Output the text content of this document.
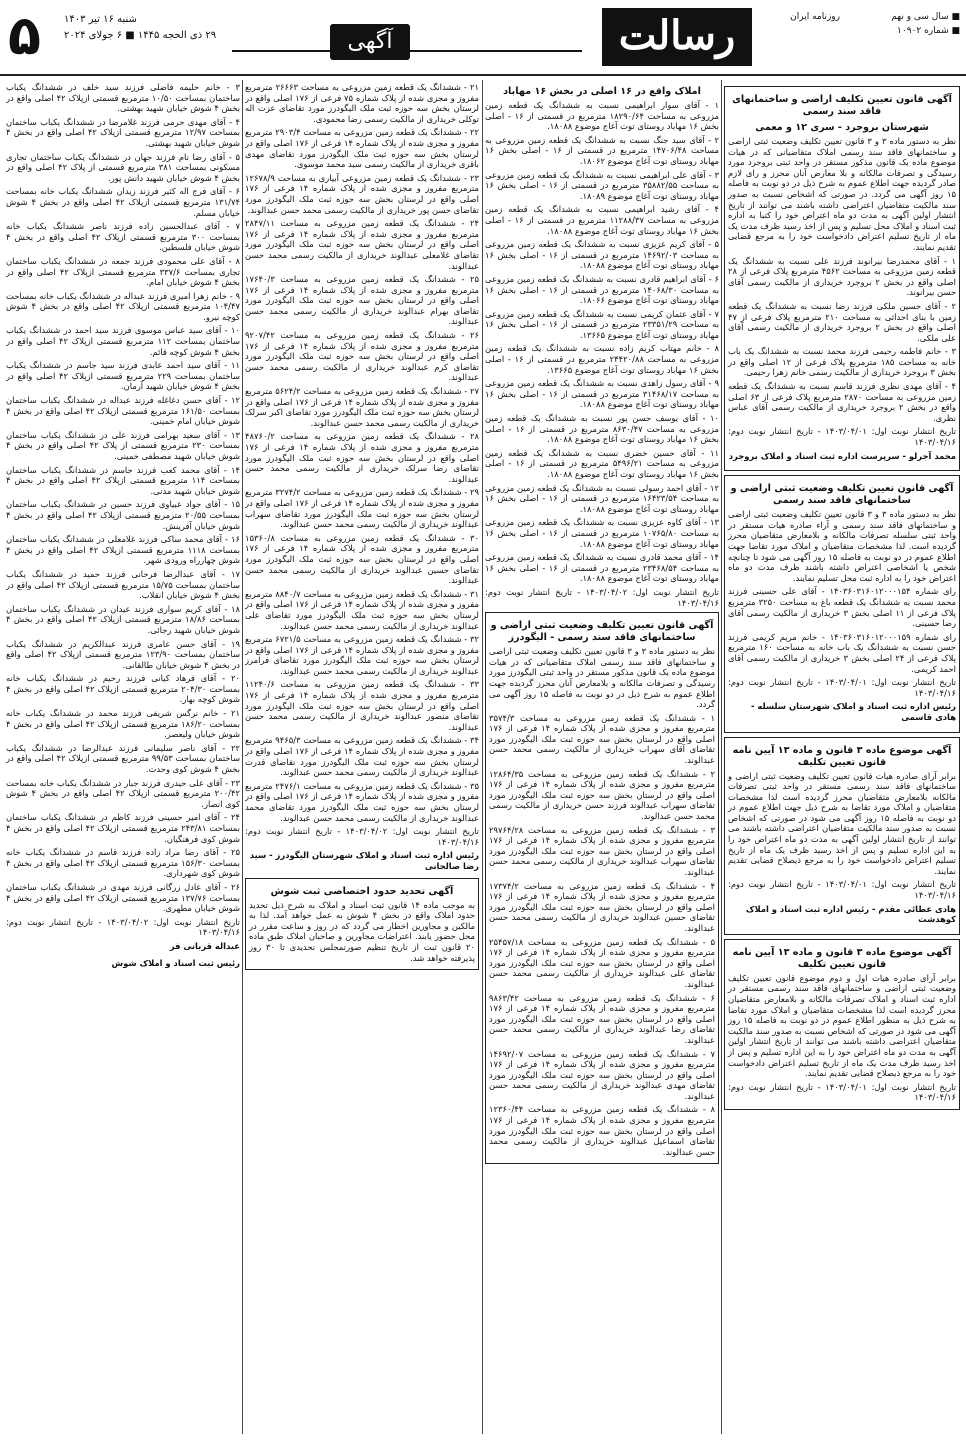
۵ شنبه ۱۶ تیر ۱۴۰۳
۲۹ ذی الحجه ۱۴۴۵ ■ ۶ جولای ۲۰۲۴	آگهی	رسالت	روزنامه ایران	■ سال سی و نهم
■ شماره ۱۰۹۰۲

آگهی قانون تعیین تکلیف اراضی و ساختمانهای فاقد سند رسمی

شهرستان بروجرد - سری ۱۲ و معمی

نظر به دستور ماده ۳ و ۳ قانون تعیین تکلیف وضعیت ثبتی اراضی و ساختمانهای فاقد سند رسمی املاک متقاضیانی که در هیات موضوع ماده یک قانون مذکور مستقر در واحد ثبتی بروجرد مورد رسیدگی و تصرفات مالکانه و بلا معارض آنان محرز و رای لازم صادر گردیده جهت اطلاع عموم به شرح ذیل در دو نوبت به فاصله ۱۵ روز آگهی می گردد. در صورتی که اشخاص نسبت به صدور سند مالکیت متقاضیان اعتراضی داشته باشند می توانند از تاریخ انتشار اولین آگهی به مدت دو ماه اعتراض خود را کتبا به اداره ثبت اسناد و املاک محل تسلیم و پس از اخذ رسید ظرف مدت یک ماه از تاریخ تسلیم اعتراض دادخواست خود را به مرجع قضایی تقدیم نمایند.

۱ - آقای محمدرضا بیرانوند فرزند علی نسبت به ششدانگ یک قطعه زمین مزروعی به مساحت ۴۵۶۲ مترمربع پلاک فرعی از ۲۸ اصلی واقع در بخش ۲ بروجرد خریداری از مالکیت رسمی آقای حسن بیرانوند.

۲ - آقای حسین ملکی فرزند رضا نسبت به ششدانگ یک قطعه زمین با بنای احداثی به مساحت ۲۱۰ مترمربع پلاک فرعی از ۴۷ اصلی واقع در بخش ۲ بروجرد خریداری از مالکیت رسمی آقای علی ملکی.

۳ - خانم فاطمه رحیمی فرزند محمد نسبت به ششدانگ یک باب خانه به مساحت ۱۸۵ مترمربع پلاک فرعی از ۱۲ اصلی واقع در بخش ۳ بروجرد خریداری از مالکیت رسمی خانم زهرا رحیمی.

۴ - آقای مهدی نظری فرزند قاسم نسبت به ششدانگ یک قطعه زمین مزروعی به مساحت ۲۸۷۰ مترمربع پلاک فرعی از ۶۳ اصلی واقع در بخش ۲ بروجرد خریداری از مالکیت رسمی آقای عباس نظری.

تاریخ انتشار نوبت اول: ۱۴۰۳/۰۴/۰۱ - تاریخ انتشار نوبت دوم: ۱۴۰۳/۰۴/۱۶

محمد آجرلو - سرپرست اداره ثبت اسناد و املاک بروجرد

آگهی قانون تعیین تکلیف وضعیت ثبتی اراضی و ساختمانهای فاقد سند رسمی

نظر به دستور ماده ۳ و ۳ قانون تعیین تکلیف وضعیت ثبتی اراضی و ساختمانهای فاقد سند رسمی و آراء صادره هیات مستقر در واحد ثبتی سلسله تصرفات مالکانه و بلامعارض متقاضیان محرز گردیده است. لذا مشخصات متقاضیان و املاک مورد تقاضا جهت اطلاع عموم در دو نوبت به فاصله ۱۵ روز آگهی می شود تا چنانچه شخص یا اشخاصی اعتراض داشته باشند ظرف مدت دو ماه اعتراض خود را به اداره ثبت محل تسلیم نمایند.

رای شماره ۱۴۰۳۶۰۳۱۶۰۱۲۰۰۰۱۵۴ - آقای علی حسینی فرزند محمد نسبت به ششدانگ یک قطعه باغ به مساحت ۳۲۵۰ مترمربع پلاک فرعی از ۱۱ اصلی بخش ۳ خریداری از مالکیت رسمی آقای رضا حسینی.

رای شماره ۱۴۰۳۶۰۳۱۶۰۱۲۰۰۰۱۵۹ - خانم مریم کریمی فرزند حسن نسبت به ششدانگ یک باب خانه به مساحت ۱۶۰ مترمربع پلاک فرعی از ۲۴ اصلی بخش ۳ خریداری از مالکیت رسمی آقای احمد کریمی.

تاریخ انتشار نوبت اول: ۱۴۰۳/۰۴/۰۱ - تاریخ انتشار نوبت دوم: ۱۴۰۳/۰۴/۱۶

رئیس اداره ثبت اسناد و املاک شهرستان سلسله - هادی قاسمی

آگهی موضوع ماده ۳ قانون و ماده ۱۳ آیین نامه قانون تعیین تکلیف

برابر آرای صادره هیات قانون تعیین تکلیف وضعیت ثبتی اراضی و ساختمانهای فاقد سند رسمی مستقر در واحد ثبتی تصرفات مالکانه بلامعارض متقاضیان محرز گردیده است لذا مشخصات متقاضیان و املاک مورد تقاضا به شرح ذیل جهت اطلاع عموم در دو نوبت به فاصله ۱۵ روز آگهی می شود در صورتی که اشخاص نسبت به صدور سند مالکیت متقاضیان اعتراضی داشته باشند می توانند از تاریخ انتشار اولین آگهی به مدت دو ماه اعتراض خود را به این اداره تسلیم و پس از اخذ رسید ظرف یک ماه از تاریخ تسلیم اعتراض دادخواست خود را به مرجع ذیصلاح قضایی تقدیم نمایند.

تاریخ انتشار نوبت اول: ۱۴۰۳/۰۴/۰۱ - تاریخ انتشار نوبت دوم: ۱۴۰۳/۰۴/۱۶

هادی عطائی مقدم - رئیس اداره ثبت اسناد و املاک کوهدشت

آگهی موضوع ماده ۳ قانون و ماده ۱۳ آیین نامه قانون تعیین تکلیف

برابر آرای صادره هیات اول و دوم موضوع قانون تعیین تکلیف وضعیت ثبتی اراضی و ساختمانهای فاقد سند رسمی مستقر در اداره ثبت اسناد و املاک تصرفات مالکانه و بلامعارض متقاضیان محرز گردیده است لذا مشخصات متقاضیان و املاک مورد تقاضا به شرح ذیل به منظور اطلاع عموم در دو نوبت به فاصله ۱۵ روز آگهی می شود در صورتی که اشخاص نسبت به صدور سند مالکیت متقاضیان اعتراضی داشته باشند می توانند از تاریخ انتشار اولین آگهی به مدت دو ماه اعتراض خود را به این اداره تسلیم و پس از اخذ رسید ظرف مدت یک ماه از تاریخ تسلیم اعتراض دادخواست خود را به مرجع ذیصلاح قضایی تقدیم نمایند.

تاریخ انتشار نوبت اول: ۱۴۰۳/۰۴/۰۱ - تاریخ انتشار نوبت دوم: ۱۴۰۳/۰۴/۱۶

املاک واقع در ۱۶ اصلی در بخش ۱۶ مهاباد

۱ - آقای سوار ابراهیمی نسبت به ششدانگ یک قطعه زمین مزروعی به مساحت ۱۸۲۹۰/۶۴ مترمربع در قسمتی از ۱۶ - اصلی بخش ۱۶ مهاباد روستای توت آغاج موضوع ۱۸۰۸۸.

۲ - آقای سید جنگ نسبت به ششدانگ یک قطعه زمین مزروعی به مساحت ۱۴۷۰۶/۴۸ مترمربع در قسمتی از ۱۶ - اصلی بخش ۱۶ مهاباد روستای توت آغاج موضوع ۱۸۰۶۲.

۳ - آقای علی ابراهیمی نسبت به ششدانگ یک قطعه زمین مزروعی به مساحت ۳۵۸۸۲/۵۵ مترمربع در قسمتی از ۱۶ - اصلی بخش ۱۶ مهاباد روستای توت آغاج موضوع ۱۸۰۸۹.

۴ - آقای رشید ابراهیمی نسبت به ششدانگ یک قطعه زمین مزروعی به مساحت ۱۱۲۸۸/۳۷ مترمربع در قسمتی از ۱۶ - اصلی بخش ۱۶ مهاباد روستای توت آغاج موضوع ۱۸۰۸۸.

۵ - آقای کریم عزیزی نسبت به ششدانگ یک قطعه زمین مزروعی به مساحت ۱۴۶۹۲/۰۳ مترمربع در قسمتی از ۱۶ - اصلی بخش ۱۶ مهاباد روستای توت آغاج موضوع ۱۸۰۸۸.

۶ - آقای ابراهیم قادری نسبت به ششدانگ یک قطعه زمین مزروعی به مساحت ۱۴۰۶۸/۳۰ مترمربع در قسمتی از ۱۶ - اصلی بخش ۱۶ مهاباد روستای توت آغاج موضوع ۱۸۰۶۶.

۷ - آقای عثمان کریمی نسبت به ششدانگ یک قطعه زمین مزروعی به مساحت ۲۳۳۵۱/۲۹ مترمربع در قسمتی از ۱۶ - اصلی بخش ۱۶ مهاباد روستای توت آغاج موضوع ۱۳۶۶۵.

۸ - خانم مهتاب کریم زاده نسبت به ششدانگ یک قطعه زمین مزروعی به مساحت ۲۴۴۲۰/۸۸ مترمربع در قسمتی از ۱۶ - اصلی بخش ۱۶ مهاباد روستای توت آغاج موضوع ۱۳۶۶۵.

۹ - آقای رسول زاهدی نسبت به ششدانگ یک قطعه زمین مزروعی به مساحت ۳۱۴۶۸/۱۷ مترمربع در قسمتی از ۱۶ - اصلی بخش ۱۶ مهاباد روستای توت آغاج موضوع ۱۸۰۸۸.

۱۰ - آقای یوسف حسن پور نسبت به ششدانگ یک قطعه زمین مزروعی به مساحت ۸۶۳۰/۴۷ مترمربع در قسمتی از ۱۶ - اصلی بخش ۱۶ مهاباد روستای توت آغاج موضوع ۱۸۰۸۸.

۱۱ - آقای حسین خضری نسبت به ششدانگ یک قطعه زمین مزروعی به مساحت ۵۴۹۶/۲۱ مترمربع در قسمتی از ۱۶ - اصلی بخش ۱۶ مهاباد روستای توت آغاج موضوع ۱۸۰۸۸.

۱۲ - آقای احمد رسولی نسبت به ششدانگ یک قطعه زمین مزروعی به مساحت ۱۶۴۲۳/۵۴ مترمربع در قسمتی از ۱۶ - اصلی بخش ۱۶ مهاباد روستای توت آغاج موضوع ۱۸۰۸۸.

۱۳ - آقای کاوه عزیزی نسبت به ششدانگ یک قطعه زمین مزروعی به مساحت ۱۰۷۶۵/۸۰ مترمربع در قسمتی از ۱۶ - اصلی بخش ۱۶ مهاباد روستای توت آغاج موضوع ۱۸۰۸۸.

۱۴ - آقای محمد قادری نسبت به ششدانگ یک قطعه زمین مزروعی به مساحت ۲۳۴۶۸/۵۴ مترمربع در قسمتی از ۱۶ - اصلی بخش ۱۶ مهاباد روستای توت آغاج موضوع ۱۸۰۸۸.

تاریخ انتشار نوبت اول: ۱۴۰۳/۰۴/۰۲ - تاریخ انتشار نوبت دوم: ۱۴۰۳/۰۴/۱۶

آگهی قانون تعیین تکلیف وضعیت ثبتی اراضی و ساختمانهای فاقد سند رسمی - الیگودرز

نظر به دستور ماده ۳ و ۳ قانون تعیین تکلیف وضعیت ثبتی اراضی و ساختمانهای فاقد سند رسمی املاک متقاضیانی که در هیات موضوع ماده یک قانون مذکور مستقر در واحد ثبتی الیگودرز مورد رسیدگی و تصرفات مالکانه و بلامعارض آنان محرز گردیده جهت اطلاع عموم به شرح ذیل در دو نوبت به فاصله ۱۵ روز آگهی می گردد.

۱ - ششدانگ یک قطعه زمین مزروعی به مساحت ۳۵۷۴/۳ مترمربع مفروز و مجزی شده از پلاک شماره ۱۴ فرعی از ۱۷۶ اصلی واقع در لرستان بخش سه حوزه ثبت ملک الیگودرز مورد تقاضای آقای سهراب خریداری از مالکیت رسمی محمد حسن عبدالوند.

۲ - ششدانگ یک قطعه زمین مزروعی به مساحت ۱۲۸۶۴/۳۵ مترمربع مفروز و مجزی شده از پلاک شماره ۱۴ فرعی از ۱۷۶ اصلی واقع در لرستان بخش سه حوزه ثبت ملک الیگودرز مورد تقاضای سهراب عبدالوند فرزند حسن خریداری از مالکیت رسمی محمد حسن عبدالوند.

۳ - ششدانگ یک قطعه زمین مزروعی به مساحت ۲۹۷۶۴/۲۸ مترمربع مفروز و مجزی شده از پلاک شماره ۱۴ فرعی از ۱۷۶ اصلی واقع در لرستان بخش سه حوزه ثبت ملک الیگودرز مورد تقاضای سهراب عبدالوند خریداری از مالکیت رسمی محمد حسن عبدالوند.

۴ - ششدانگ یک قطعه زمین مزروعی به مساحت ۱۷۳۷۴/۲ مترمربع مفروز و مجزی شده از پلاک شماره ۱۴ فرعی از ۱۷۶ اصلی واقع در لرستان بخش سه حوزه ثبت ملک الیگودرز مورد تقاضای حسین عبدالوند خریداری از مالکیت رسمی محمد حسن عبدالوند.

۵ - ششدانگ یک قطعه زمین مزروعی به مساحت ۲۵۴۵۷/۱۸ مترمربع مفروز و مجزی شده از پلاک شماره ۱۴ فرعی از ۱۷۶ اصلی واقع در لرستان بخش سه حوزه ثبت ملک الیگودرز مورد تقاضای علی عبدالوند خریداری از مالکیت رسمی محمد حسن عبدالوند.

۶ - ششدانگ یک قطعه زمین مزروعی به مساحت ۹۸۶۳/۴۲ مترمربع مفروز و مجزی شده از پلاک شماره ۱۴ فرعی از ۱۷۶ اصلی واقع در لرستان بخش سه حوزه ثبت ملک الیگودرز مورد تقاضای رضا عبدالوند خریداری از مالکیت رسمی محمد حسن عبدالوند.

۷ - ششدانگ یک قطعه زمین مزروعی به مساحت ۱۴۶۹۲/۰۷ مترمربع مفروز و مجزی شده از پلاک شماره ۱۴ فرعی از ۱۷۶ اصلی واقع در لرستان بخش سه حوزه ثبت ملک الیگودرز مورد تقاضای مهدی عبدالوند خریداری از مالکیت رسمی محمد حسن عبدالوند.

۸ - ششدانگ یک قطعه زمین مزروعی به مساحت ۱۲۳۶۰/۴۴ مترمربع مفروز و مجزی شده از پلاک شماره ۱۴ فرعی از ۱۷۶ اصلی واقع در لرستان بخش سه حوزه ثبت ملک الیگودرز مورد تقاضای اسماعیل عبدالوند خریداری از مالکیت رسمی محمد حسن عبدالوند.

۲۱ - ششدانگ یک قطعه زمین مزروعی به مساحت ۲۶۶۶۳ مترمربع مفروز و مجزی شده از پلاک شماره ۷۵ فرعی از ۱۷۶ اصلی واقع در لرستان بخش سه حوزه ثبت ملک الیگودرز مورد تقاضای عزت اله توکلی خریداری از مالکیت رسمی رضا محمودی.

۲۲ - ششدانگ یک قطعه زمین مزروعی به مساحت ۲۹۰۳/۴ مترمربع مفروز و مجزی شده از پلاک شماره ۱۴ فرعی از ۱۷۶ اصلی واقع در لرستان بخش سه حوزه ثبت ملک الیگودرز مورد تقاضای مهدی باقری خریداری از مالکیت رسمی سید محمد موسوی.

۲۳ - ششدانگ یک قطعه زمین مزروعی آبیاری به مساحت ۱۲۶۷۸/۹ مترمربع مفروز و مجزی شده از پلاک شماره ۱۴ فرعی از ۱۷۶ اصلی واقع در لرستان بخش سه حوزه ثبت ملک الیگودرز مورد تقاضای حسن پور خریداری از مالکیت رسمی محمد حسن عبدالوند.

۲۴ - ششدانگ یک قطعه زمین مزروعی به مساحت ۲۸۴۷/۱۱ مترمربع مفروز و مجزی شده از پلاک شماره ۱۴ فرعی از ۱۷۶ اصلی واقع در لرستان بخش سه حوزه ثبت ملک الیگودرز مورد تقاضای غلامعلی عبدالوند خریداری از مالکیت رسمی محمد حسن عبدالوند.

۲۵ - ششدانگ یک قطعه زمین مزروعی به مساحت ۱۷۶۴۰/۳ مترمربع مفروز و مجزی شده از پلاک شماره ۱۴ فرعی از ۱۷۶ اصلی واقع در لرستان بخش سه حوزه ثبت ملک الیگودرز مورد تقاضای بهرام عبدالوند خریداری از مالکیت رسمی محمد حسن عبدالوند.

۲۶ - ششدانگ یک قطعه زمین مزروعی به مساحت ۹۲۰۷/۴۲ مترمربع مفروز و مجزی شده از پلاک شماره ۱۴ فرعی از ۱۷۶ اصلی واقع در لرستان بخش سه حوزه ثبت ملک الیگودرز مورد تقاضای کرم عبدالوند خریداری از مالکیت رسمی محمد حسن عبدالوند.

۲۷ - ششدانگ یک قطعه زمین مزروعی به مساحت ۵۶۲۴/۲ مترمربع مفروز و مجزی شده از پلاک شماره ۱۴ فرعی از ۱۷۶ اصلی واقع در لرستان بخش سه حوزه ثبت ملک الیگودرز مورد تقاضای اکبر سرلک خریداری از مالکیت رسمی محمد حسن عبدالوند.

۲۸ - ششدانگ یک قطعه زمین مزروعی به مساحت ۴۸۷۶۰/۲ مترمربع مفروز و مجزی شده از پلاک شماره ۱۴ فرعی از ۱۷۶ اصلی واقع در لرستان بخش سه حوزه ثبت ملک الیگودرز مورد تقاضای رضا سرلک خریداری از مالکیت رسمی محمد حسن عبدالوند.

۲۹ - ششدانگ یک قطعه زمین مزروعی به مساحت ۳۲۷۴/۲ مترمربع مفروز و مجزی شده از پلاک شماره ۱۴ فرعی از ۱۷۶ اصلی واقع در لرستان بخش سه حوزه ثبت ملک الیگودرز مورد تقاضای سهراب عبدالوند خریداری از مالکیت رسمی محمد حسن عبدالوند.

۳۰ - ششدانگ یک قطعه زمین مزروعی به مساحت ۱۵۳۶۰/۸ مترمربع مفروز و مجزی شده از پلاک شماره ۱۴ فرعی از ۱۷۶ اصلی واقع در لرستان بخش سه حوزه ثبت ملک الیگودرز مورد تقاضای حسین عبدالوند خریداری از مالکیت رسمی محمد حسن عبدالوند.

۳۱ - ششدانگ یک قطعه زمین مزروعی به مساحت ۸۸۴۰/۷ مترمربع مفروز و مجزی شده از پلاک شماره ۱۴ فرعی از ۱۷۶ اصلی واقع در لرستان بخش سه حوزه ثبت ملک الیگودرز مورد تقاضای علی عبدالوند خریداری از مالکیت رسمی محمد حسن عبدالوند.

۳۲ - ششدانگ یک قطعه زمین مزروعی به مساحت ۶۷۲۱/۵ مترمربع مفروز و مجزی شده از پلاک شماره ۱۴ فرعی از ۱۷۶ اصلی واقع در لرستان بخش سه حوزه ثبت ملک الیگودرز مورد تقاضای فرامرز عبدالوند خریداری از مالکیت رسمی محمد حسن عبدالوند.

۳۳ - ششدانگ یک قطعه زمین مزروعی به مساحت ۱۱۲۴۰/۶ مترمربع مفروز و مجزی شده از پلاک شماره ۱۴ فرعی از ۱۷۶ اصلی واقع در لرستان بخش سه حوزه ثبت ملک الیگودرز مورد تقاضای منصور عبدالوند خریداری از مالکیت رسمی محمد حسن عبدالوند.

۳۴ - ششدانگ یک قطعه زمین مزروعی به مساحت ۹۴۶۵/۳ مترمربع مفروز و مجزی شده از پلاک شماره ۱۴ فرعی از ۱۷۶ اصلی واقع در لرستان بخش سه حوزه ثبت ملک الیگودرز مورد تقاضای قدرت عبدالوند خریداری از مالکیت رسمی محمد حسن عبدالوند.

۳۵ - ششدانگ یک قطعه زمین مزروعی به مساحت ۲۴۷۶/۱ مترمربع مفروز و مجزی شده از پلاک شماره ۱۴ فرعی از ۱۷۶ اصلی واقع در لرستان بخش سه حوزه ثبت ملک الیگودرز مورد تقاضای محمد عبدالوند خریداری از مالکیت رسمی محمد حسن عبدالوند.

تاریخ انتشار نوبت اول: ۱۴۰۳/۰۴/۰۲ - تاریخ انتشار نوبت دوم: ۱۴۰۳/۰۴/۱۶

رئیس اداره ثبت اسناد و املاک شهرستان الیگودرز - سید رضا صالحانی

آگهی تحدید حدود اختصاصی ثبت شوش

به موجب ماده ۱۴ قانون ثبت اسناد و املاک به شرح ذیل تحدید حدود املاک واقع در بخش ۴ شوش به عمل خواهد آمد. لذا به مالکین و مجاورین اخطار می گردد که در روز و ساعت مقرر در محل حضور یابند. اعتراضات مجاورین و صاحبان املاک طبق ماده ۲۰ قانون ثبت از تاریخ تنظیم صورتمجلس تحدیدی تا ۳۰ روز پذیرفته خواهد شد.

۳ - خانم حلیمه فاضلی فرزند سید خلف در ششدانگ یکباب ساختمان بمساحت ۱۰/۵۰ مترمربع قسمتی ازپلاک ۴۲ اصلی واقع در بخش ۴ شوش خیابان شهید بهشتی.

۴ - آقای مهدی حرمی فرزند غلامرضا در ششدانگ یکباب ساختمان بمساحت ۱۲/۹۷ مترمربع قسمتی ازپلاک ۴۲ اصلی واقع در بخش ۴ شوش خیابان شهید بهشتی.

۵ - آقای رضا نام فرزند جهان در ششدانگ یکباب ساختمان تجاری مسکونی بمساحت ۳۸۱ مترمربع قسمتی از پلاک ۴۲ اصلی واقع در بخش ۴ شوش خیابان شهید دانش پور.

۶ - آقای فرج اله کثیر فرزند زیدان ششدانگ یکباب خانه بمساحت ۱۳۱/۷۴ مترمربع قسمتی ازپلاک ۴۲ اصلی واقع در بخش ۴ شوش خیابان مسلم.

۷ - آقای عبدالحسین زاده فرزند ناصر ششدانگ یکباب خانه بمساحت ۳۰۰ مترمربع قسمتی ازپلاک ۴۲ اصلی واقع در بخش ۴ شوش خیابان فلسطین.

۸ - آقای علی محمودی فرزند جمعه در ششدانگ یکباب ساختمان تجاری بمساحت ۳۳۷/۶ مترمربع قسمتی ازپلاک ۴۲ اصلی واقع در بخش ۴ شوش خیابان امام.

۹ - خانم زهرا امیری فرزند عبداله در ششدانگ یکباب خانه بمساحت ۱۰۴/۴۷ مترمربع قسمتی ازپلاک ۴۲ اصلی واقع در بخش ۴ شوش کوچه نیرو.

۱۰ - آقای سید عباس موسوی فرزند سید احمد در ششدانگ یکباب ساختمان بمساحت ۱۱۲ مترمربع قسمتی ازپلاک ۴۲ اصلی واقع در بخش ۴ شوش کوچه قائم.

۱۱ - آقای سید احمد عابدی فرزند سید جاسم در ششدانگ یکباب ساختمان بمساحت ۲۲۹ مترمربع قسمتی ازپلاک ۴۲ اصلی واقع در بخش ۴ شوش خیابان شهید آرمان.

۱۲ - آقای حسن دغاغله فرزند عبداله در ششدانگ یکباب ساختمان بمساحت ۱۶۱/۵۰ مترمربع قسمتی ازپلاک ۴۲ اصلی واقع در بخش ۴ شوش خیابان امام خمینی.

۱۳ - آقای سعید بهرامی فرزند علی در ششدانگ یکباب ساختمان بمساحت ۲۳۰ مترمربع قسمتی از پلاک ۴۲ اصلی واقع در بخش ۴ شوش خیابان شهید مصطفی خمینی.

۱۴ - آقای محمد کعب فرزند جاسم در ششدانگ یکباب ساختمان بمساحت ۱۱۴ مترمربع قسمتی ازپلاک ۴۲ اصلی واقع در بخش ۴ شوش خیابان شهید مدنی.

۱۵ - آقای جواد عبیاوی فرزند حسین در ششدانگ یکباب ساختمان بمساحت ۲۰/۵۵ مترمربع قسمتی ازپلاک ۴۲ اصلی واقع در بخش ۴ شوش خیابان آفرینش.

۱۶ - آقای محمد ساکی فرزند غلامعلی در ششدانگ یکباب ساختمان بمساحت ۱۱۱۸ مترمربع قسمتی ازپلاک ۴۲ اصلی واقع در بخش ۴ شوش چهارراه ورودی شهر.

۱۷ - آقای عبدالرضا فرحانی فرزند حمید در ششدانگ یکباب ساختمان بمساحت ۱۵/۷۵ مترمربع قسمتی ازپلاک ۴۲ اصلی واقع در بخش ۴ شوش خیابان انقلاب.

۱۸ - آقای کریم سواری فرزند عیدان در ششدانگ یکباب ساختمان بمساحت ۱۸/۸۶ مترمربع قسمتی ازپلاک ۴۲ اصلی واقع در بخش ۴ شوش خیابان شهید رجائی.

۱۹ - آقای حسن عامری فرزند عبدالکریم در ششدانگ یکباب ساختمان بمساحت ۱۲۳/۹۰ مترمربع قسمتی ازپلاک ۴۲ اصلی واقع در بخش ۴ شوش خیابان طالقانی.

۲۰ - آقای فرهاد کیانی فرزند رحیم در ششدانگ یکباب خانه بمساحت ۲۰۴/۳۰ مترمربع قسمتی ازپلاک ۴۲ اصلی واقع در بخش ۴ شوش کوچه بهار.

۲۱ - خانم نرگس شریفی فرزند محمد در ششدانگ یکباب خانه بمساحت ۱۸۶/۲۰ مترمربع قسمتی ازپلاک ۴۲ اصلی واقع در بخش ۴ شوش خیابان ولیعصر.

۲۲ - آقای ناصر سلیمانی فرزند عبدالرضا در ششدانگ یکباب ساختمان بمساحت ۹۹/۵۳ مترمربع قسمتی ازپلاک ۴۲ اصلی واقع در بخش ۴ شوش کوی وحدت.

۲۳ - آقای علی حیدری فرزند جبار در ششدانگ یکباب خانه بمساحت ۲۰۰/۴۲ مترمربع قسمتی ازپلاک ۴۲ اصلی واقع در بخش ۴ شوش کوی انصار.

۲۴ - آقای امیر حسینی فرزند کاظم در ششدانگ یکباب ساختمان بمساحت ۲۴۳/۸۱ مترمربع قسمتی ازپلاک ۴۲ اصلی واقع در بخش ۴ شوش کوی فرهنگیان.

۲۵ - آقای رضا مراد زاده فرزند قاسم در ششدانگ یکباب خانه بمساحت ۱۵۶/۳۰ مترمربع قسمتی ازپلاک ۴۲ اصلی واقع در بخش ۴ شوش کوی شهرداری.

۲۶ - آقای عادل زرگانی فرزند مهدی در ششدانگ یکباب ساختمان بمساحت ۱۳۷/۷۶ مترمربع قسمتی ازپلاک ۴۲ اصلی واقع در بخش ۴ شوش خیابان مطهری.

تاریخ انتشار نوبت اول: ۱۴۰۳/۰۴/۰۲ - تاریخ انتشار نوبت دوم: ۱۴۰۳/۰۴/۱۶

عبداله قربانی فر

رئیس ثبت اسناد و املاک شوش
